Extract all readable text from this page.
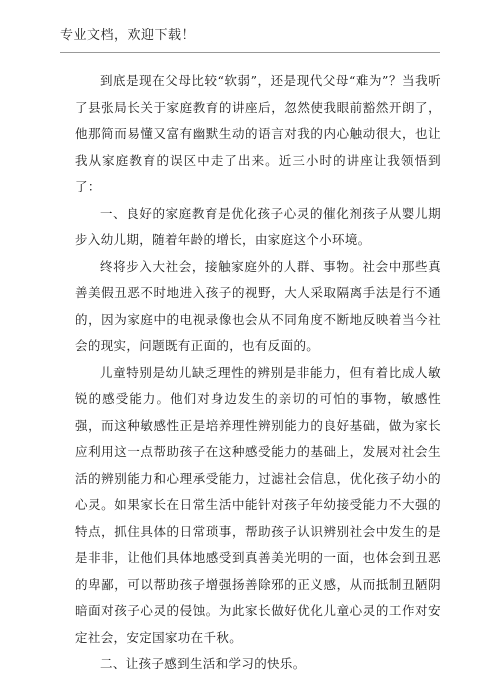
专业文档，欢迎下载！

到底是现在父母比较“软弱”，还是现代父母“难为”？当我听了县张局长关于家庭教育的讲座后，忽然使我眼前豁然开朗了，他那简而易懂又富有幽默生动的语言对我的内心触动很大，也让我从家庭教育的误区中走了出来。近三小时的讲座让我领悟到了：

一、良好的家庭教育是优化孩子心灵的催化剂孩子从婴儿期步入幼儿期，随着年龄的增长，由家庭这个小环境。

终将步入大社会，接触家庭外的人群、事物。社会中那些真善美假丑恶不时地进入孩子的视野，大人采取隔离手法是行不通的，因为家庭中的电视录像也会从不同角度不断地反映着当今社会的现实，问题既有正面的，也有反面的。

儿童特别是幼儿缺乏理性的辨别是非能力，但有着比成人敏锐的感受能力。他们对身边发生的亲切的可怕的事物，敏感性强，而这种敏感性正是培养理性辨别能力的良好基础，做为家长应利用这一点帮助孩子在这种感受能力的基础上，发展对社会生活的辨别能力和心理承受能力，过滤社会信息，优化孩子幼小的心灵。如果家长在日常生活中能针对孩子年幼接受能力不大强的特点，抓住具体的日常琐事，帮助孩子认识辨别社会中发生的是是非非，让他们具体地感受到真善美光明的一面，也体会到丑恶的卑鄙，可以帮助孩子增强扬善除邪的正义感，从而抵制丑陋阴暗面对孩子心灵的侵蚀。为此家长做好优化儿童心灵的工作对安定社会，安定国家功在千秋。

二、让孩子感到生活和学习的快乐。
